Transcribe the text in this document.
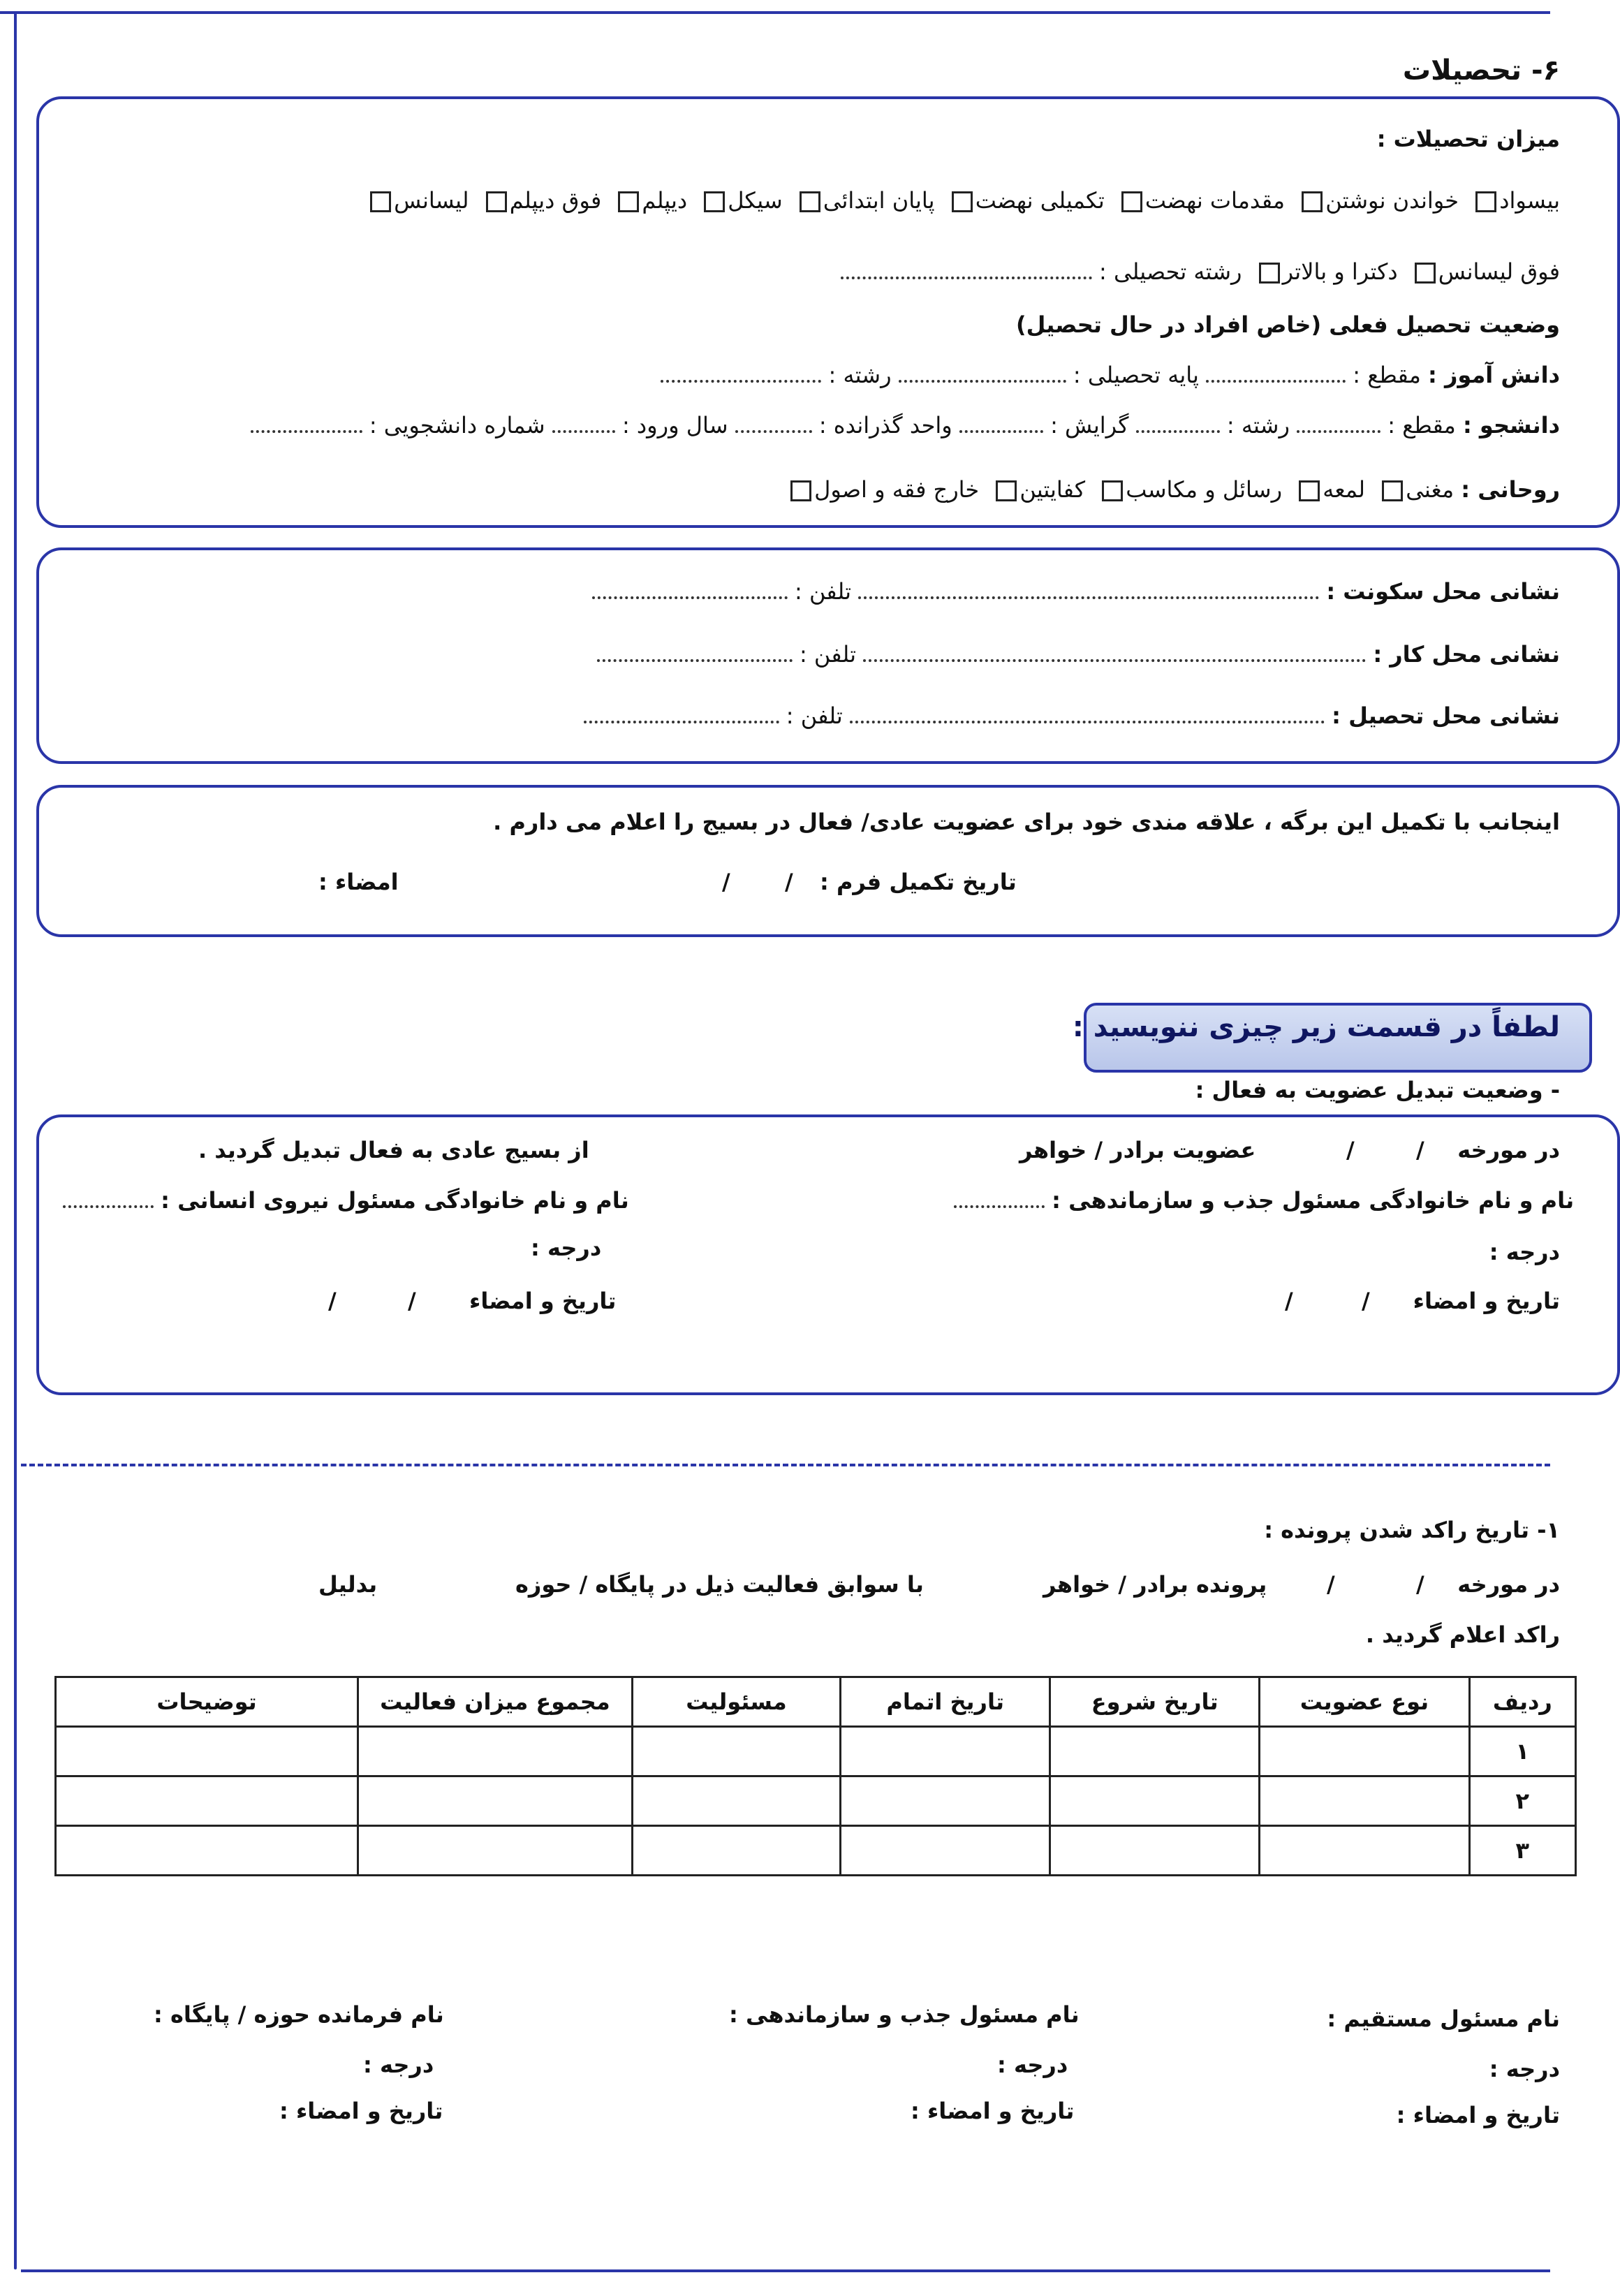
۶- تحصیلات
میزان تحصیلات :
بیسواد خواندن نوشتن مقدمات نهضت تکمیلی نهضت پایان ابتدائی سیکل دیپلم فوق دیپلم لیسانس
فوق لیسانس دکترا و بالاتر رشته تحصیلی :
وضعیت تحصیل فعلی (خاص افراد در حال تحصیل)
دانش آموز : مقطع :  پایه تحصیلی :  رشته :
دانشجو : مقطع :  رشته :  گرایش :  واحد گذرانده :  سال ورود :  شماره دانشجویی :
روحانی : مغنی لمعه رسائل و مکاسب کفایتین خارج فقه و اصول
نشانی محل سکونت :  تلفن :
نشانی محل کار :  تلفن :
نشانی محل تحصیل :  تلفن :
اینجانب با تکمیل این برگه ، علاقه مندی خود برای عضویت عادی/ فعال در بسیج را اعلام می دارم .
تاریخ تکمیل فرم :
/
/
امضاء :
لطفاً در قسمت زیر چیزی ننویسید :
- وضعیت تبدیل عضویت به فعال :
در مورخه
/
/
عضویت برادر / خواهر
از بسیج عادی به فعال تبدیل گردید .
نام و نام خانوادگی مسئول جذب و سازماندهی :
نام و نام خانوادگی مسئول نیروی انسانی :
درجه :
درجه :
تاریخ و امضاء
/
/
تاریخ و امضاء
/
/
۱- تاریخ راکد شدن پرونده :
در مورخه
/
/
پرونده برادر / خواهر
با سوابق فعالیت ذیل در پایگاه / حوزه
بدلیل
راکد اعلام گردید .
ردیف	نوع عضویت	تاریخ شروع	تاریخ اتمام	مسئولیت	مجموع میزان فعالیت	توضیحات
۱						
۲						
۳						
نام مسئول مستقیم :
نام مسئول جذب و سازماندهی :
نام فرمانده حوزه / پایگاه :
درجه :
درجه :
درجه :
تاریخ و امضاء :
تاریخ و امضاء :
تاریخ و امضاء :
